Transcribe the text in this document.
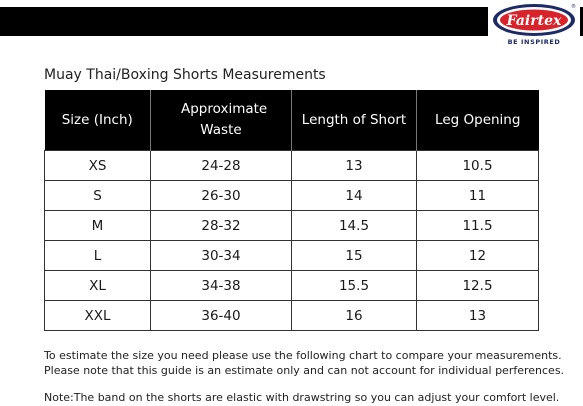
Fairtex
®
BE INSPIRED
Muay Thai/Boxing Shorts Measurements
Size (Inch)	Approximate Waste	Length of Short	Leg Opening
XS	24-28	13	10.5
S	26-30	14	11
M	28-32	14.5	11.5
L	30-34	15	12
XL	34-38	15.5	12.5
XXL	36-40	16	13
To estimate the size you need please use the following chart to compare your measurements.
Please note that this guide is an estimate only and can not account for individual perferences.
Note:The band on the shorts are elastic with drawstring so you can adjust your comfort level.
